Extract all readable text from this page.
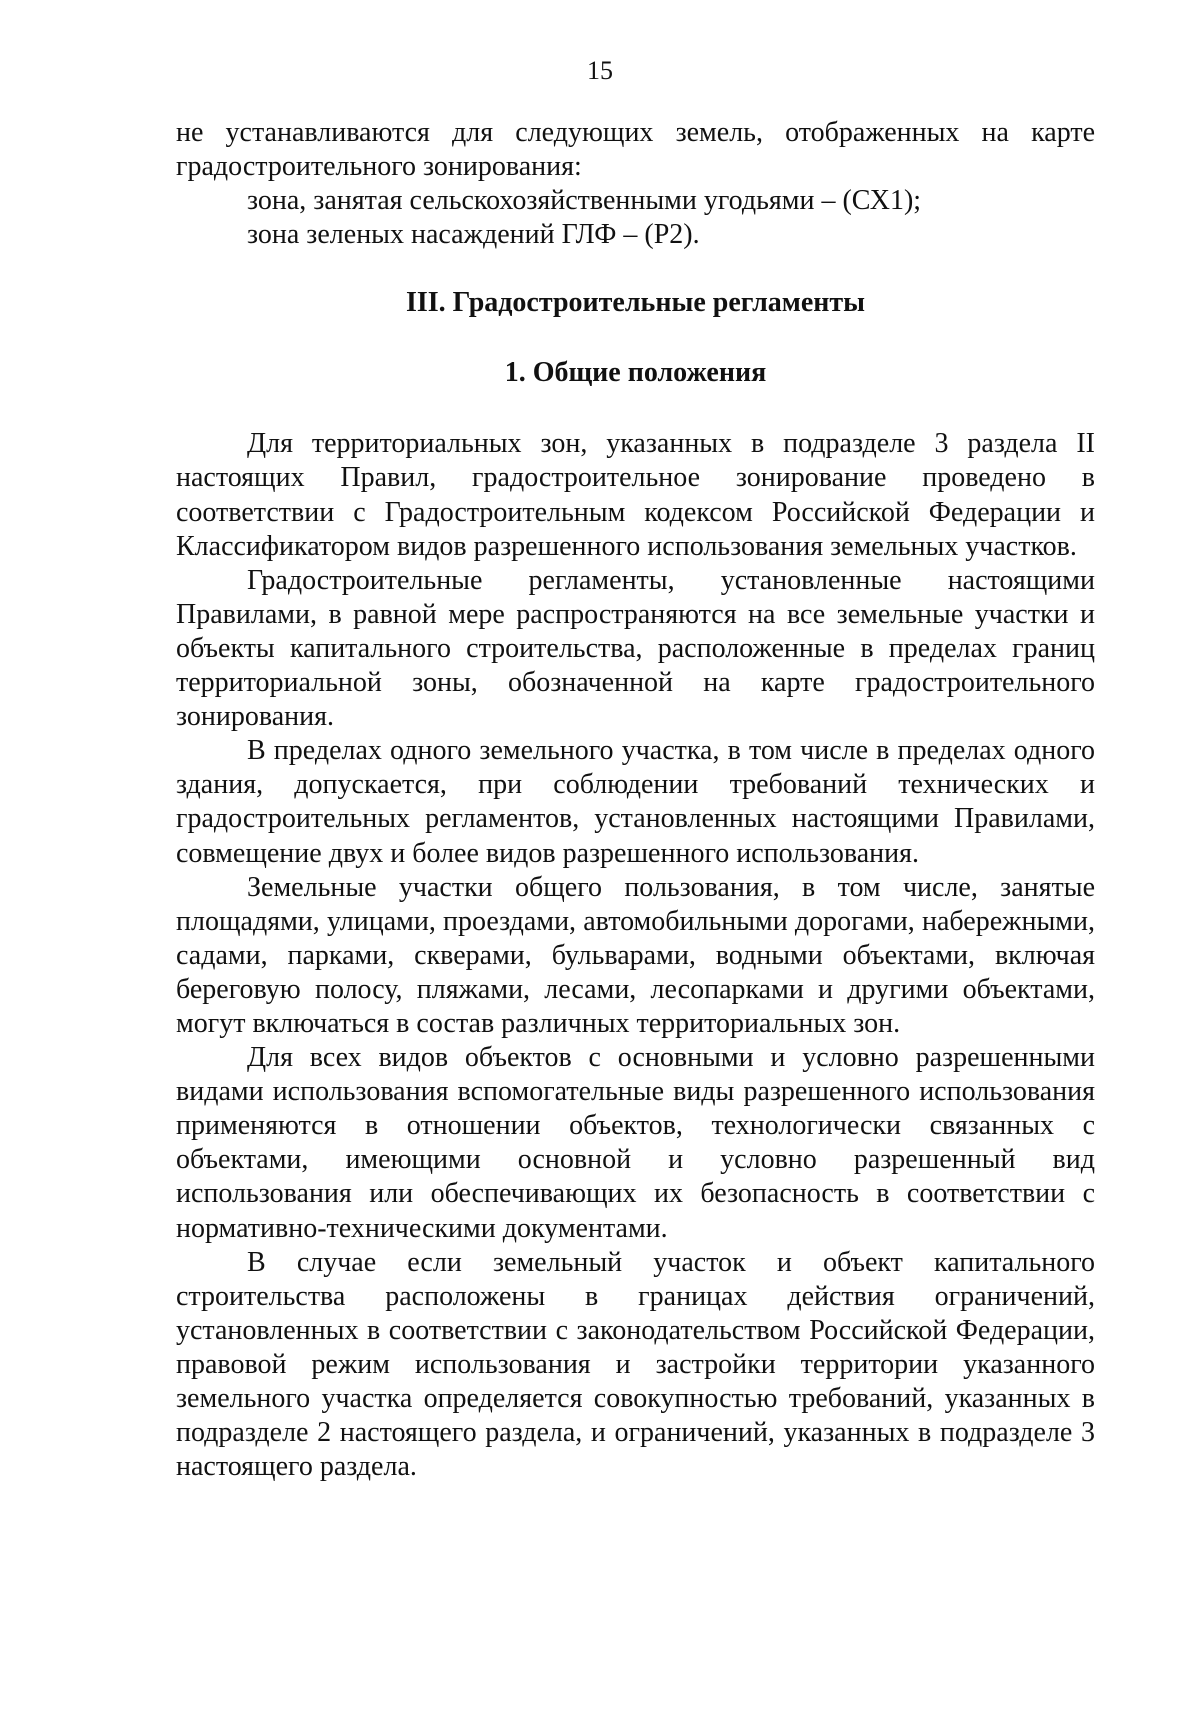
15

не устанавливаются для следующих земель, отображенных на карте градостроительного зонирования:

зона, занятая сельскохозяйственными угодьями – (СХ1);

зона зеленых насаждений ГЛФ – (Р2).

III. Градостроительные регламенты
1. Общие положения

Для территориальных зон, указанных в подразделе 3 раздела II настоящих Правил, градостроительное зонирование проведено в соответствии с Градостроительным кодексом Российской Федерации и Классификатором видов разрешенного использования земельных участков.

Градостроительные регламенты, установленные настоящими Правилами, в равной мере распространяются на все земельные участки и объекты капитального строительства, расположенные в пределах границ территориальной зоны, обозначенной на карте градостроительного зонирования.

В пределах одного земельного участка, в том числе в пределах одного здания, допускается, при соблюдении требований технических и градостроительных регламентов, установленных настоящими Правилами, совмещение двух и более видов разрешенного использования.

Земельные участки общего пользования, в том числе, занятые площадями, улицами, проездами, автомобильными дорогами, набережными, садами, парками, скверами, бульварами, водными объектами, включая береговую полосу, пляжами, лесами, лесопарками и другими объектами, могут включаться в состав различных территориальных зон.

Для всех видов объектов с основными и условно разрешенными видами использования вспомогательные виды разрешенного использования применяются в отношении объектов, технологически связанных с объектами, имеющими основной и условно разрешенный вид использования или обеспечивающих их безопасность в соответствии с нормативно-техническими документами.

В случае если земельный участок и объект капитального строительства расположены в границах действия ограничений, установленных в соответствии с законодательством Российской Федерации, правовой режим использования и застройки территории указанного земельного участка определяется совокупностью требований, указанных в подразделе 2 настоящего раздела, и ограничений, указанных в подразделе 3 настоящего раздела.
